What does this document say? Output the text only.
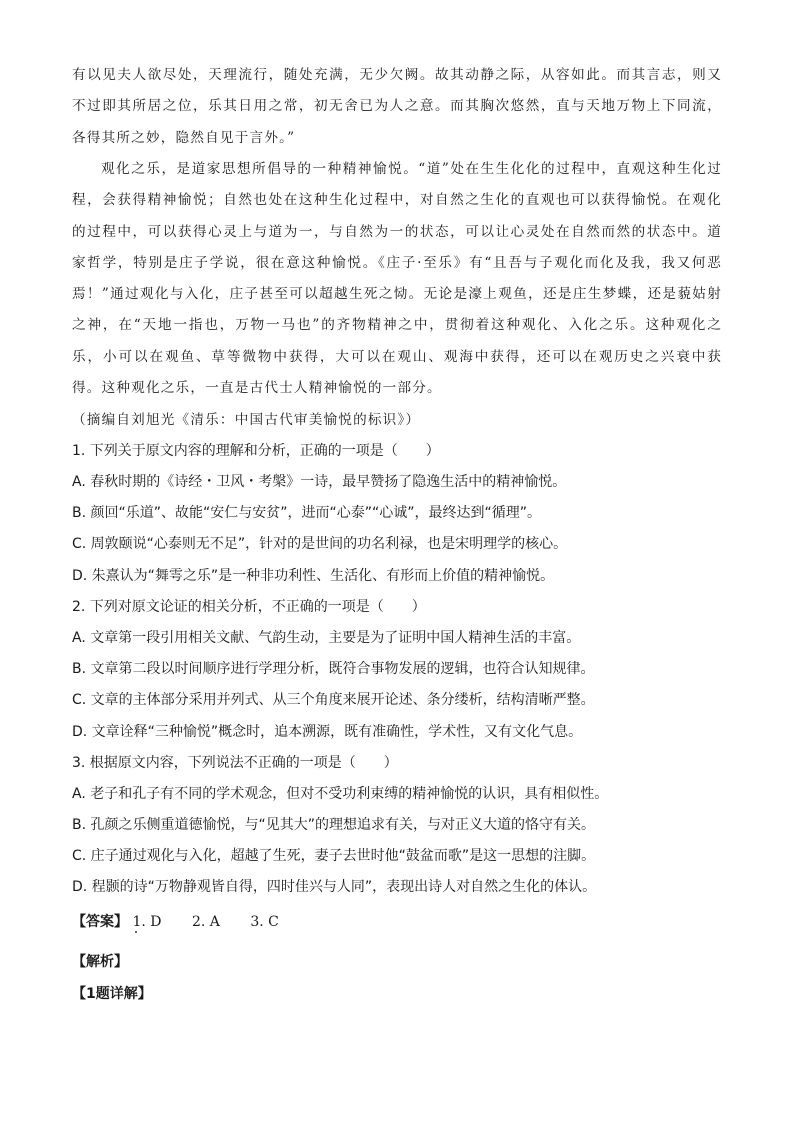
有以见夫人欲尽处，天理流行，随处充满，无少欠阙。故其动静之际，从容如此。而其言志，则又不过即其所居之位，乐其日用之常，初无舍已为人之意。而其胸次悠然，直与天地万物上下同流，各得其所之妙，隐然自见于言外。”

观化之乐，是道家思想所倡导的一种精神愉悦。“道”处在生生化化的过程中，直观这种生化过程，会获得精神愉悦；自然也处在这种生化过程中，对自然之生化的直观也可以获得愉悦。在观化的过程中，可以获得心灵上与道为一，与自然为一的状态，可以让心灵处在自然而然的状态中。道家哲学，特别是庄子学说，很在意这种愉悦。《庄子·至乐》有“且吾与子观化而化及我，我又何恶焉！”通过观化与入化，庄子甚至可以超越生死之恸。无论是濠上观鱼，还是庄生梦蝶，还是藐姑射之神，在“天地一指也，万物一马也”的齐物精神之中，贯彻着这种观化、入化之乐。这种观化之乐，小可以在观鱼、草等微物中获得，大可以在观山、观海中获得，还可以在观历史之兴衰中获得。这种观化之乐，一直是古代士人精神愉悦的一部分。

（摘编自刘旭光《清乐：中国古代审美愉悦的标识》）

1. 下列关于原文内容的理解和分析，正确的一项是（　　）

A. 春秋时期的《诗经・卫风・考槃》一诗，最早赞扬了隐逸生活中的精神愉悦。

B. 颜回“乐道”、故能“安仁与安贫”，进而“心泰”“心诚”，最终达到“循理”。

C. 周敦颐说“心泰则无不足”，针对的是世间的功名利禄，也是宋明理学的核心。

D. 朱熹认为“舞雩之乐”是一种非功利性、生活化、有形而上价值的精神愉悦。

2. 下列对原文论证的相关分析，不正确的一项是（　　）

A. 文章第一段引用相关文献、气韵生动，主要是为了证明中国人精神生活的丰富。

B. 文章第二段以时间顺序进行学理分析，既符合事物发展的逻辑，也符合认知规律。

C. 文章的主体部分采用并列式、从三个角度来展开论述、条分缕析，结构清晰严整。

D. 文章诠释“三种愉悦”概念时，追本溯源，既有准确性，学术性，又有文化气息。

3. 根据原文内容，下列说法不正确的一项是（　　）

A. 老子和孔子有不同的学术观念，但对不受功利束缚的精神愉悦的认识，具有相似性。

B. 孔颜之乐侧重道德愉悦，与“见其大”的理想追求有关，与对正义大道的恪守有关。

C. 庄子通过观化与入化，超越了生死，妻子去世时他“鼓盆而歌”是这一思想的注脚。

D. 程颢的诗“万物静观皆自得，四时佳兴与人同”，表现出诗人对自然之生化的体认。

【答案】 1. D 2. A 3. C
【解析】
【1题详解】
